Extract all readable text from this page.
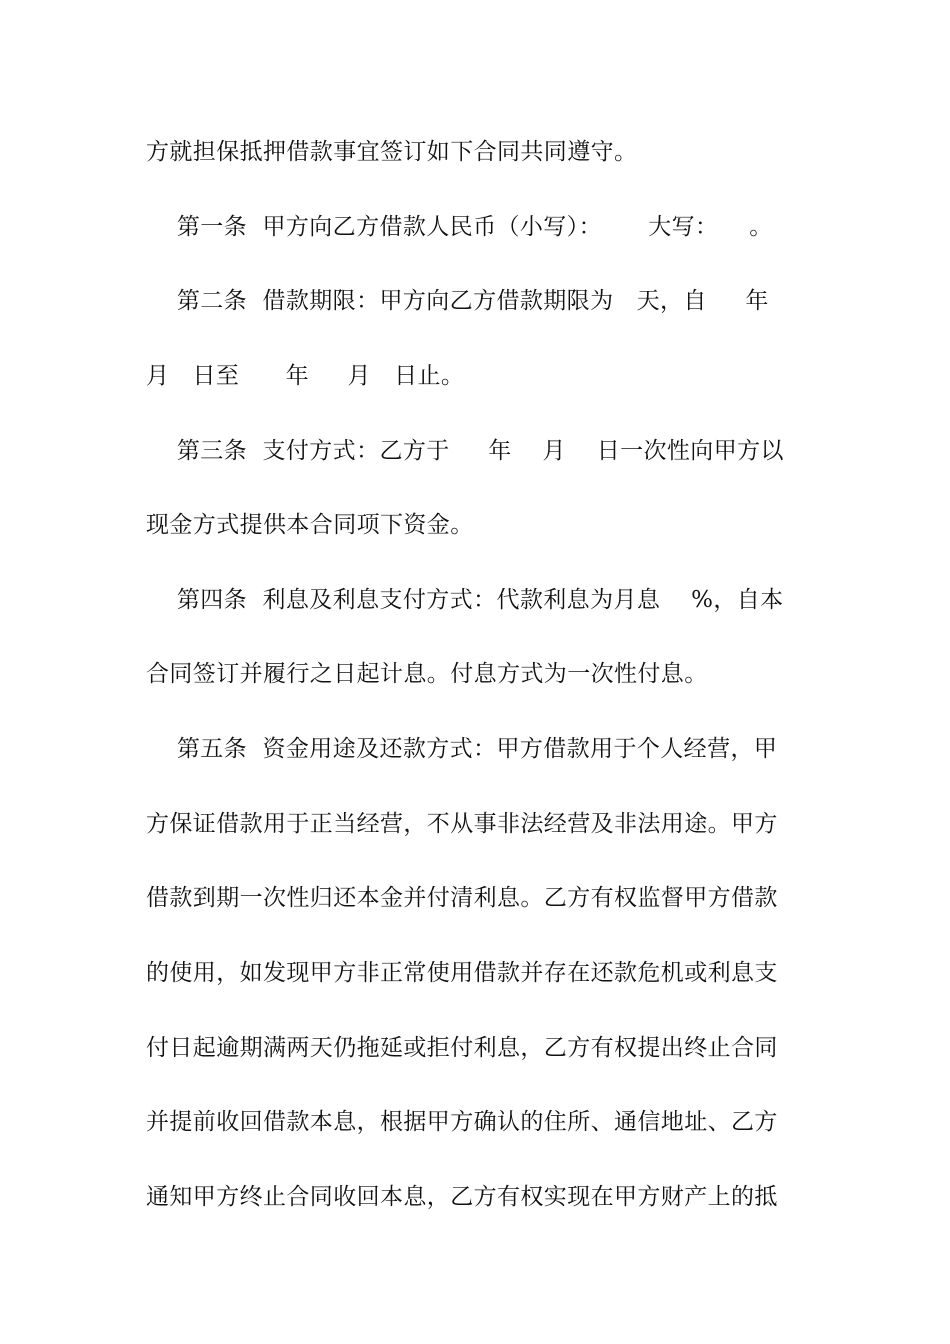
方就担保抵押借款事宜签订如下合同共同遵守。
第一条  甲方向乙方借款人民币（小写）：      大写：    。
第二条  借款期限：甲方向乙方借款期限为   天，自     年
月   日至      年     月   日止。
第三条  支付方式：乙方于     年    月    日一次性向甲方以
现金方式提供本合同项下资金。
第四条  利息及利息支付方式：代款利息为月息    %，自本
合同签订并履行之日起计息。付息方式为一次性付息。
第五条  资金用途及还款方式：甲方借款用于个人经营，甲
方保证借款用于正当经营，不从事非法经营及非法用途。甲方
借款到期一次性归还本金并付清利息。乙方有权监督甲方借款
的使用，如发现甲方非正常使用借款并存在还款危机或利息支
付日起逾期满两天仍拖延或拒付利息，乙方有权提出终止合同
并提前收回借款本息，根据甲方确认的住所、通信地址、乙方
通知甲方终止合同收回本息，乙方有权实现在甲方财产上的抵
